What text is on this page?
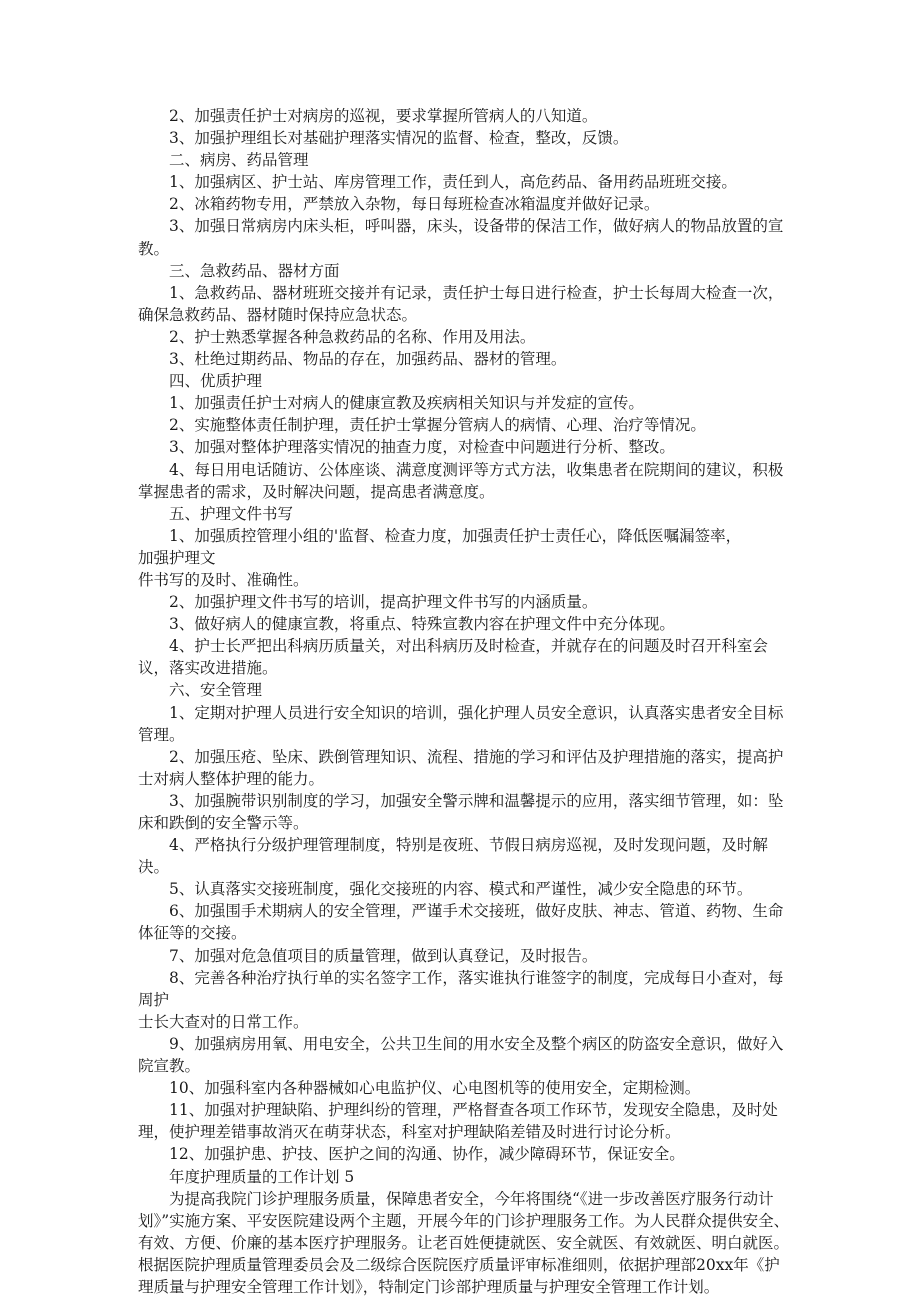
2、加强责任护士对病房的巡视，要求掌握所管病人的八知道。

3、加强护理组长对基础护理落实情况的监督、检查，整改，反馈。

二、病房、药品管理

1、加强病区、护士站、库房管理工作，责任到人，高危药品、备用药品班班交接。

2、冰箱药物专用，严禁放入杂物，每日每班检查冰箱温度并做好记录。

3、加强日常病房内床头柜，呼叫器，床头，设备带的保洁工作，做好病人的物品放置的宣教。

三、急救药品、器材方面

1、急救药品、器材班班交接并有记录，责任护士每日进行检查，护士长每周大检查一次，确保急救药品、器材随时保持应急状态。

2、护士熟悉掌握各种急救药品的名称、作用及用法。

3、杜绝过期药品、物品的存在，加强药品、器材的管理。

四、优质护理

1、加强责任护士对病人的健康宣教及疾病相关知识与并发症的宣传。

2、实施整体责任制护理，责任护士掌握分管病人的病情、心理、治疗等情况。

3、加强对整体护理落实情况的抽查力度，对检查中问题进行分析、整改。

4、每日用电话随访、公体座谈、满意度测评等方式方法，收集患者在院期间的建议，积极掌握患者的需求，及时解决问题，提高患者满意度。

五、护理文件书写

1、加强质控管理小组的'监督、检查力度，加强责任护士责任心，降低医嘱漏签率，

加强护理文

件书写的及时、准确性。

2、加强护理文件书写的培训，提高护理文件书写的内涵质量。

3、做好病人的健康宣教，将重点、特殊宣教内容在护理文件中充分体现。

4、护士长严把出科病历质量关，对出科病历及时检查，并就存在的问题及时召开科室会议，落实改进措施。

六、安全管理

1、定期对护理人员进行安全知识的培训，强化护理人员安全意识，认真落实患者安全目标管理。

2、加强压疮、坠床、跌倒管理知识、流程、措施的学习和评估及护理措施的落实，提高护士对病人整体护理的能力。

3、加强腕带识别制度的学习，加强安全警示牌和温馨提示的应用，落实细节管理，如：坠床和跌倒的安全警示等。

4、严格执行分级护理管理制度，特别是夜班、节假日病房巡视，及时发现问题，及时解决。

5、认真落实交接班制度，强化交接班的内容、模式和严谨性，减少安全隐患的环节。

6、加强围手术期病人的安全管理，严谨手术交接班，做好皮肤、神志、管道、药物、生命体征等的交接。

7、加强对危急值项目的质量管理，做到认真登记，及时报告。

8、完善各种治疗执行单的实名签字工作，落实谁执行谁签字的制度，完成每日小查对，每周护

士长大查对的日常工作。

9、加强病房用氧、用电安全，公共卫生间的用水安全及整个病区的防盗安全意识，做好入院宣教。

10、加强科室内各种器械如心电监护仪、心电图机等的使用安全，定期检测。

11、加强对护理缺陷、护理纠纷的管理，严格督查各项工作环节，发现安全隐患，及时处理，使护理差错事故消灭在萌芽状态，科室对护理缺陷差错及时进行讨论分析。

12、加强护患、护技、医护之间的沟通、协作，减少障碍环节，保证安全。

年度护理质量的工作计划 5

为提高我院门诊护理服务质量，保障患者安全，今年将围绕“《进一步改善医疗服务行动计划》”实施方案、平安医院建设两个主题，开展今年的门诊护理服务工作。为人民群众提供安全、有效、方便、价廉的基本医疗护理服务。让老百姓便捷就医、安全就医、有效就医、明白就医。根据医院护理质量管理委员会及二级综合医院医疗质量评审标准细则，依据护理部20xx年《护理质量与护理安全管理工作计划》，特制定门诊部护理质量与护理安全管理工作计划。
